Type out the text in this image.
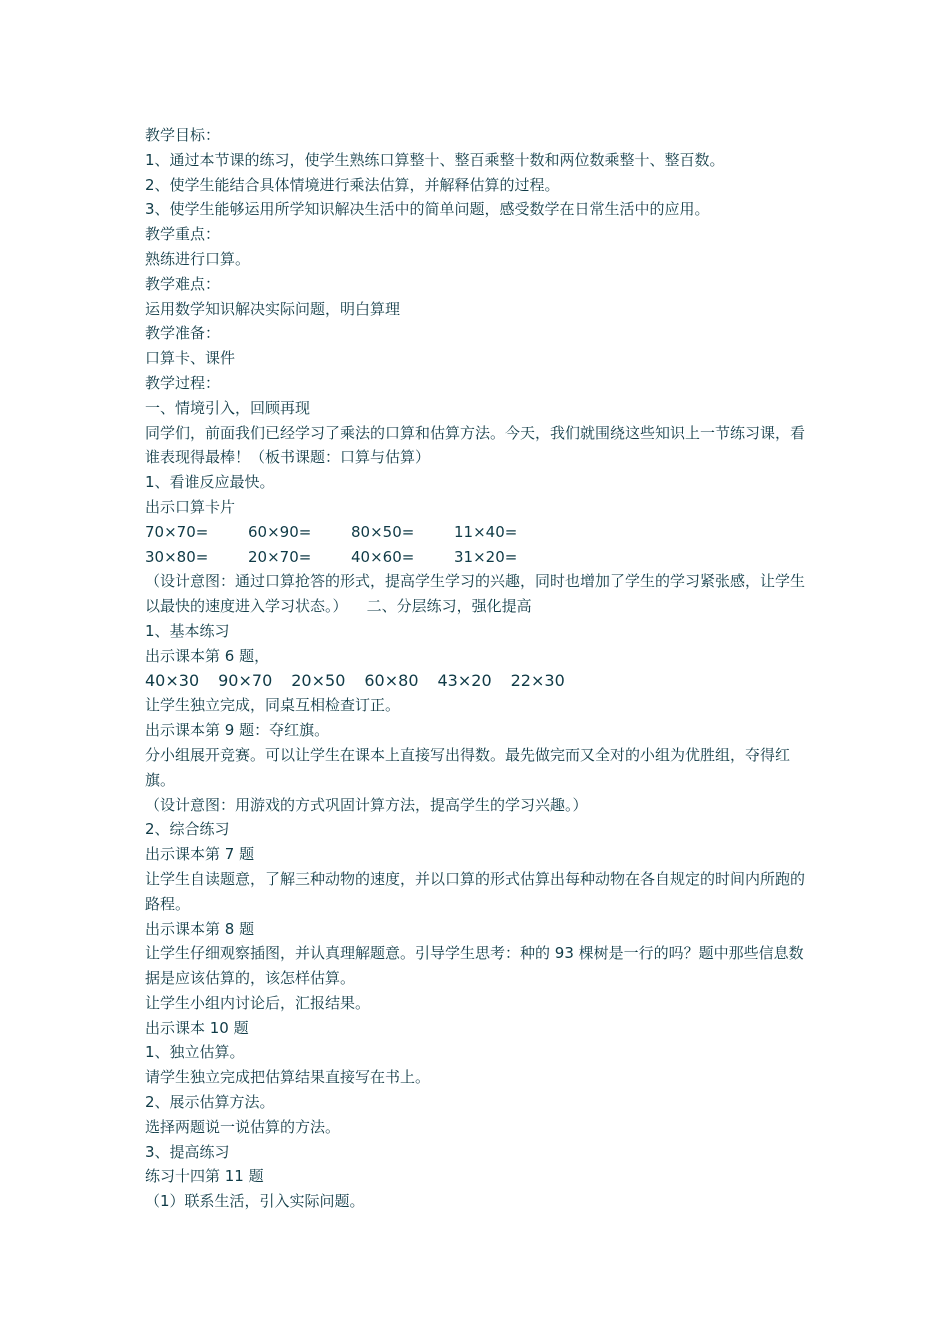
教学目标：
1、通过本节课的练习，使学生熟练口算整十、整百乘整十数和两位数乘整十、整百数。
2、使学生能结合具体情境进行乘法估算，并解释估算的过程。
3、使学生能够运用所学知识解决生活中的简单问题，感受数学在日常生活中的应用。
教学重点：
熟练进行口算。
教学难点：
运用数学知识解决实际问题，明白算理
教学准备：
口算卡、课件
教学过程：
一、情境引入，回顾再现
同学们，前面我们已经学习了乘法的口算和估算方法。今天，我们就围绕这些知识上一节练习课，看谁表现得最棒！（板书课题：口算与估算）
1、看谁反应最快。
出示口算卡片
70×70=	60×90=	80×50=	11×40=
30×80=	20×70=	40×60=	31×20=
（设计意图：通过口算抢答的形式，提高学生学习的兴趣，同时也增加了学生的学习紧张感，让学生以最快的速度进入学习状态。）    二、分层练习，强化提高
1、基本练习
出示课本第 6 题，
40×30 90×70 20×50 60×80 43×20 22×30
让学生独立完成，同桌互相检查订正。
出示课本第 9 题：夺红旗。
分小组展开竞赛。可以让学生在课本上直接写出得数。最先做完而又全对的小组为优胜组，夺得红旗。
（设计意图：用游戏的方式巩固计算方法，提高学生的学习兴趣。）
2、综合练习
出示课本第 7 题
让学生自读题意，了解三种动物的速度，并以口算的形式估算出每种动物在各自规定的时间内所跑的路程。
出示课本第 8 题
让学生仔细观察插图，并认真理解题意。引导学生思考：种的 93 棵树是一行的吗？题中那些信息数据是应该估算的，该怎样估算。
让学生小组内讨论后，汇报结果。
出示课本 10 题
1、独立估算。
请学生独立完成把估算结果直接写在书上。
2、展示估算方法。
选择两题说一说估算的方法。
3、提高练习
练习十四第 11 题
（1）联系生活，引入实际问题。
